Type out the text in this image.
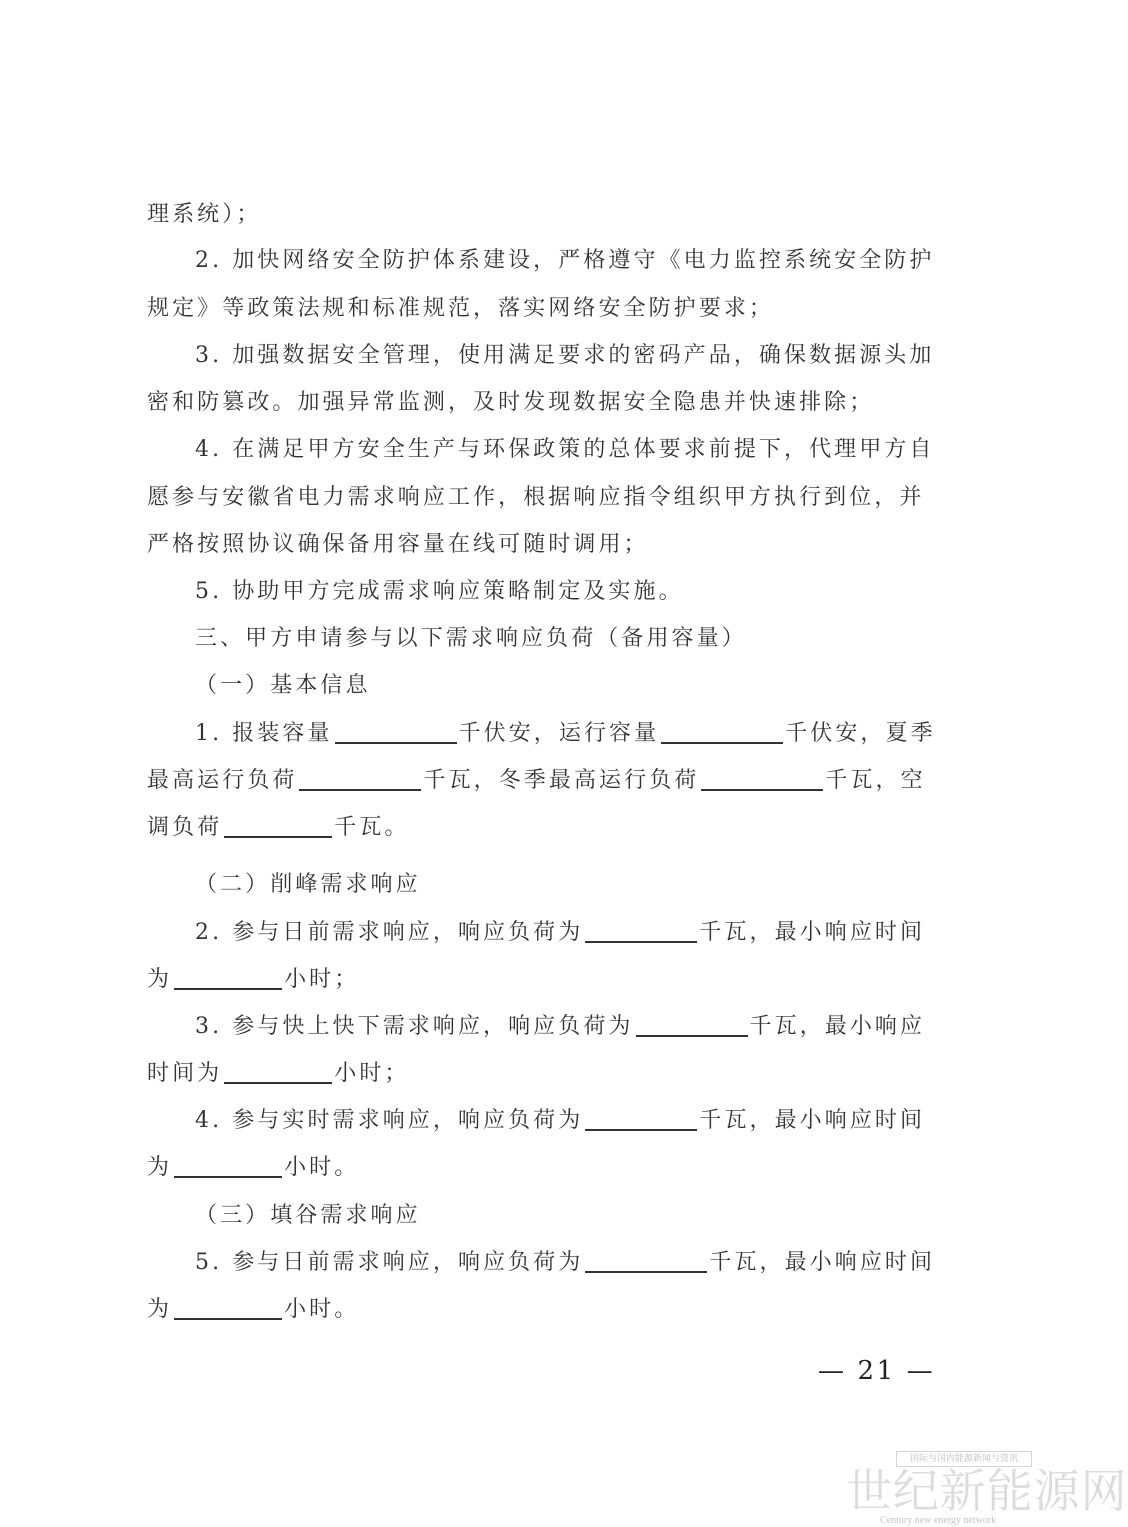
理系统）；
2. 加快网络安全防护体系建设，严格遵守《电力监控系统安全防护
规定》等政策法规和标准规范，落实网络安全防护要求；
3. 加强数据安全管理，使用满足要求的密码产品，确保数据源头加
密和防篡改。加强异常监测，及时发现数据安全隐患并快速排除；
4. 在满足甲方安全生产与环保政策的总体要求前提下，代理甲方自
愿参与安徽省电力需求响应工作，根据响应指令组织甲方执行到位，并
严格按照协议确保备用容量在线可随时调用；
5. 协助甲方完成需求响应策略制定及实施。
三、甲方申请参与以下需求响应负荷（备用容量）
（一）基本信息
1. 报装容量	千伏安，运行容量	千伏安，夏季
最高运行负荷	千瓦，冬季最高运行负荷	千瓦，空
调负荷	千瓦。
（二）削峰需求响应
2. 参与日前需求响应，响应负荷为	千瓦，最小响应时间
为	小时；
3. 参与快上快下需求响应，响应负荷为	千瓦，最小响应
时间为	小时；
4. 参与实时需求响应，响应负荷为	千瓦，最小响应时间
为	小时。
（三）填谷需求响应
5. 参与日前需求响应，响应负荷为	千瓦，最小响应时间
为	小时。
— 21 —
国际与国内能源新闻与资讯
世纪新能源网
Century new energy network
